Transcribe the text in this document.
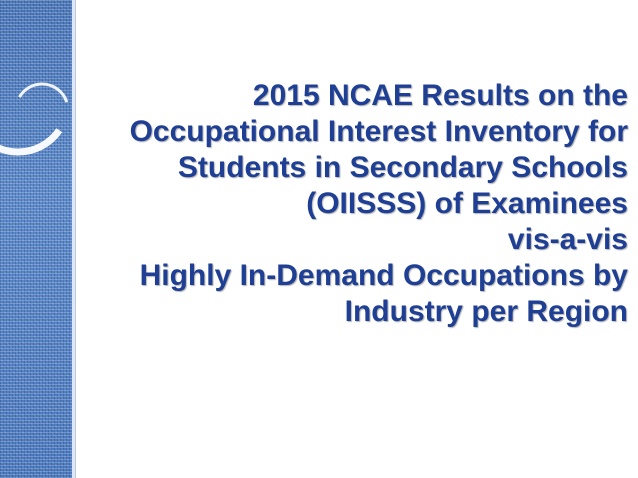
2015 NCAE Results on the
Occupational Interest Inventory for
Students in Secondary Schools
(OIISSS) of Examinees
vis-a-vis
Highly In-Demand Occupations by
Industry per Region
